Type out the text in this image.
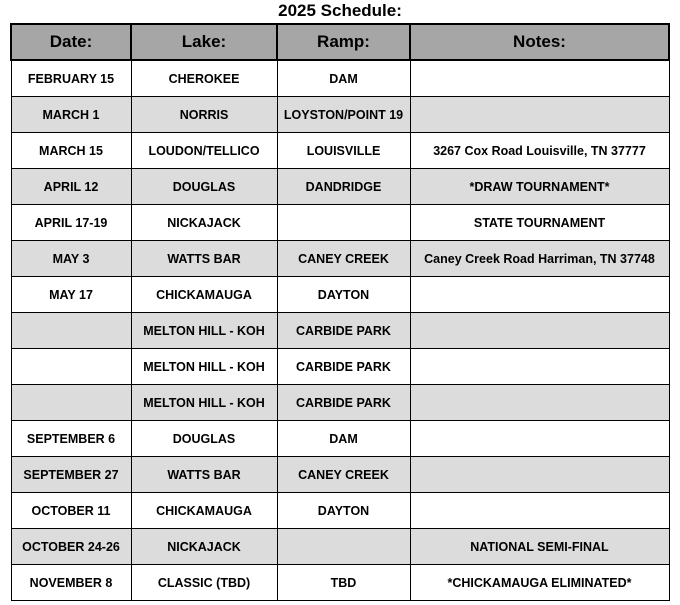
2025 Schedule:
Date:	Lake:	Ramp:	Notes:
FEBRUARY 15	CHEROKEE	DAM	
MARCH 1	NORRIS	LOYSTON/POINT 19	
MARCH 15	LOUDON/TELLICO	LOUISVILLE	3267 Cox Road Louisville, TN 37777
APRIL 12	DOUGLAS	DANDRIDGE	*DRAW TOURNAMENT*
APRIL 17-19	NICKAJACK		STATE TOURNAMENT
MAY 3	WATTS BAR	CANEY CREEK	Caney Creek Road Harriman, TN 37748
MAY 17	CHICKAMAUGA	DAYTON	
	MELTON HILL - KOH	CARBIDE PARK	
	MELTON HILL - KOH	CARBIDE PARK	
	MELTON HILL - KOH	CARBIDE PARK	
SEPTEMBER 6	DOUGLAS	DAM	
SEPTEMBER 27	WATTS BAR	CANEY CREEK	
OCTOBER 11	CHICKAMAUGA	DAYTON	
OCTOBER 24-26	NICKAJACK		NATIONAL SEMI-FINAL
NOVEMBER 8	CLASSIC (TBD)	TBD	*CHICKAMAUGA ELIMINATED*
